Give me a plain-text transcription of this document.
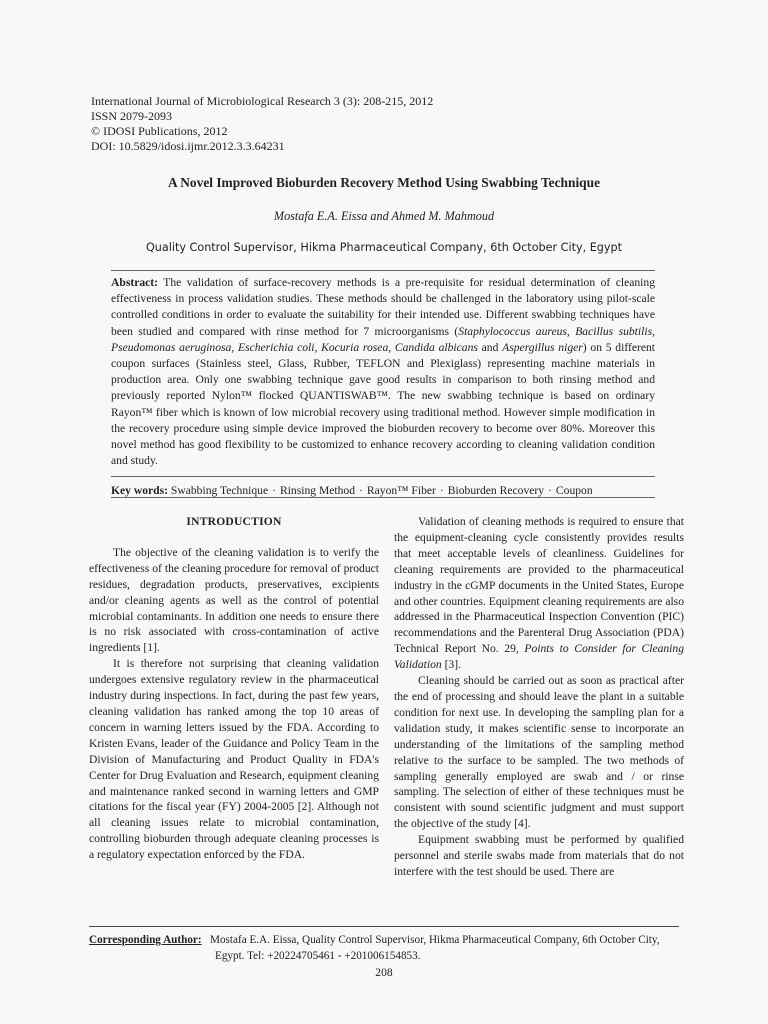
International Journal of Microbiological Research 3 (3): 208-215, 2012
ISSN 2079-2093
© IDOSI Publications, 2012
DOI: 10.5829/idosi.ijmr.2012.3.3.64231
A Novel Improved Bioburden Recovery Method Using Swabbing Technique
Mostafa E.A. Eissa and Ahmed M. Mahmoud
Quality Control Supervisor, Hikma Pharmaceutical Company, 6th October City, Egypt
Abstract: The validation of surface-recovery methods is a pre-requisite for residual determination of cleaning effectiveness in process validation studies. These methods should be challenged in the laboratory using pilot-scale controlled conditions in order to evaluate the suitability for their intended use. Different swabbing techniques have been studied and compared with rinse method for 7 microorganisms (Staphylococcus aureus, Bacillus subtilis, Pseudomonas aeruginosa, Escherichia coli, Kocuria rosea, Candida albicans and Aspergillus niger) on 5 different coupon surfaces (Stainless steel, Glass, Rubber, TEFLON and Plexiglass) representing machine materials in production area. Only one swabbing technique gave good results in comparison to both rinsing method and previously reported Nylon™ flocked QUANTISWAB™. The new swabbing technique is based on ordinary Rayon™ fiber which is known of low microbial recovery using traditional method. However simple modification in the recovery procedure using simple device improved the bioburden recovery to become over 80%. Moreover this novel method has good flexibility to be customized to enhance recovery according to cleaning validation condition and study.
Key words: Swabbing Technique · Rinsing Method · Rayon™ Fiber · Bioburden Recovery · Coupon
INTRODUCTION

The objective of the cleaning validation is to verify the effectiveness of the cleaning procedure for removal of product residues, degradation products, preservatives, excipients and/or cleaning agents as well as the control of potential microbial contaminants. In addition one needs to ensure there is no risk associated with cross-contamination of active ingredients [1].

It is therefore not surprising that cleaning validation undergoes extensive regulatory review in the pharmaceutical industry during inspections. In fact, during the past few years, cleaning validation has ranked among the top 10 areas of concern in warning letters issued by the FDA. According to Kristen Evans, leader of the Guidance and Policy Team in the Division of Manufacturing and Product Quality in FDA's Center for Drug Evaluation and Research, equipment cleaning and maintenance ranked second in warning letters and GMP citations for the fiscal year (FY) 2004-2005 [2]. Although not all cleaning issues relate to microbial contamination, controlling bioburden through adequate cleaning processes is a regulatory expectation enforced by the FDA.

Validation of cleaning methods is required to ensure that the equipment-cleaning cycle consistently provides results that meet acceptable levels of cleanliness. Guidelines for cleaning requirements are provided to the pharmaceutical industry in the cGMP documents in the United States, Europe and other countries. Equipment cleaning requirements are also addressed in the Pharmaceutical Inspection Convention (PIC) recommendations and the Parenteral Drug Association (PDA) Technical Report No. 29, Points to Consider for Cleaning Validation [3].

Cleaning should be carried out as soon as practical after the end of processing and should leave the plant in a suitable condition for next use. In developing the sampling plan for a validation study, it makes scientific sense to incorporate an understanding of the limitations of the sampling method relative to the surface to be sampled. The two methods of sampling generally employed are swab and / or rinse sampling. The selection of either of these techniques must be consistent with sound scientific judgment and must support the objective of the study [4].

Equipment swabbing must be performed by qualified personnel and sterile swabs made from materials that do not interfere with the test should be used. There are

Corresponding Author: Mostafa E.A. Eissa, Quality Control Supervisor, Hikma Pharmaceutical Company, 6th October City,
Egypt. Tel: +20224705461 - +201006154853.
208
